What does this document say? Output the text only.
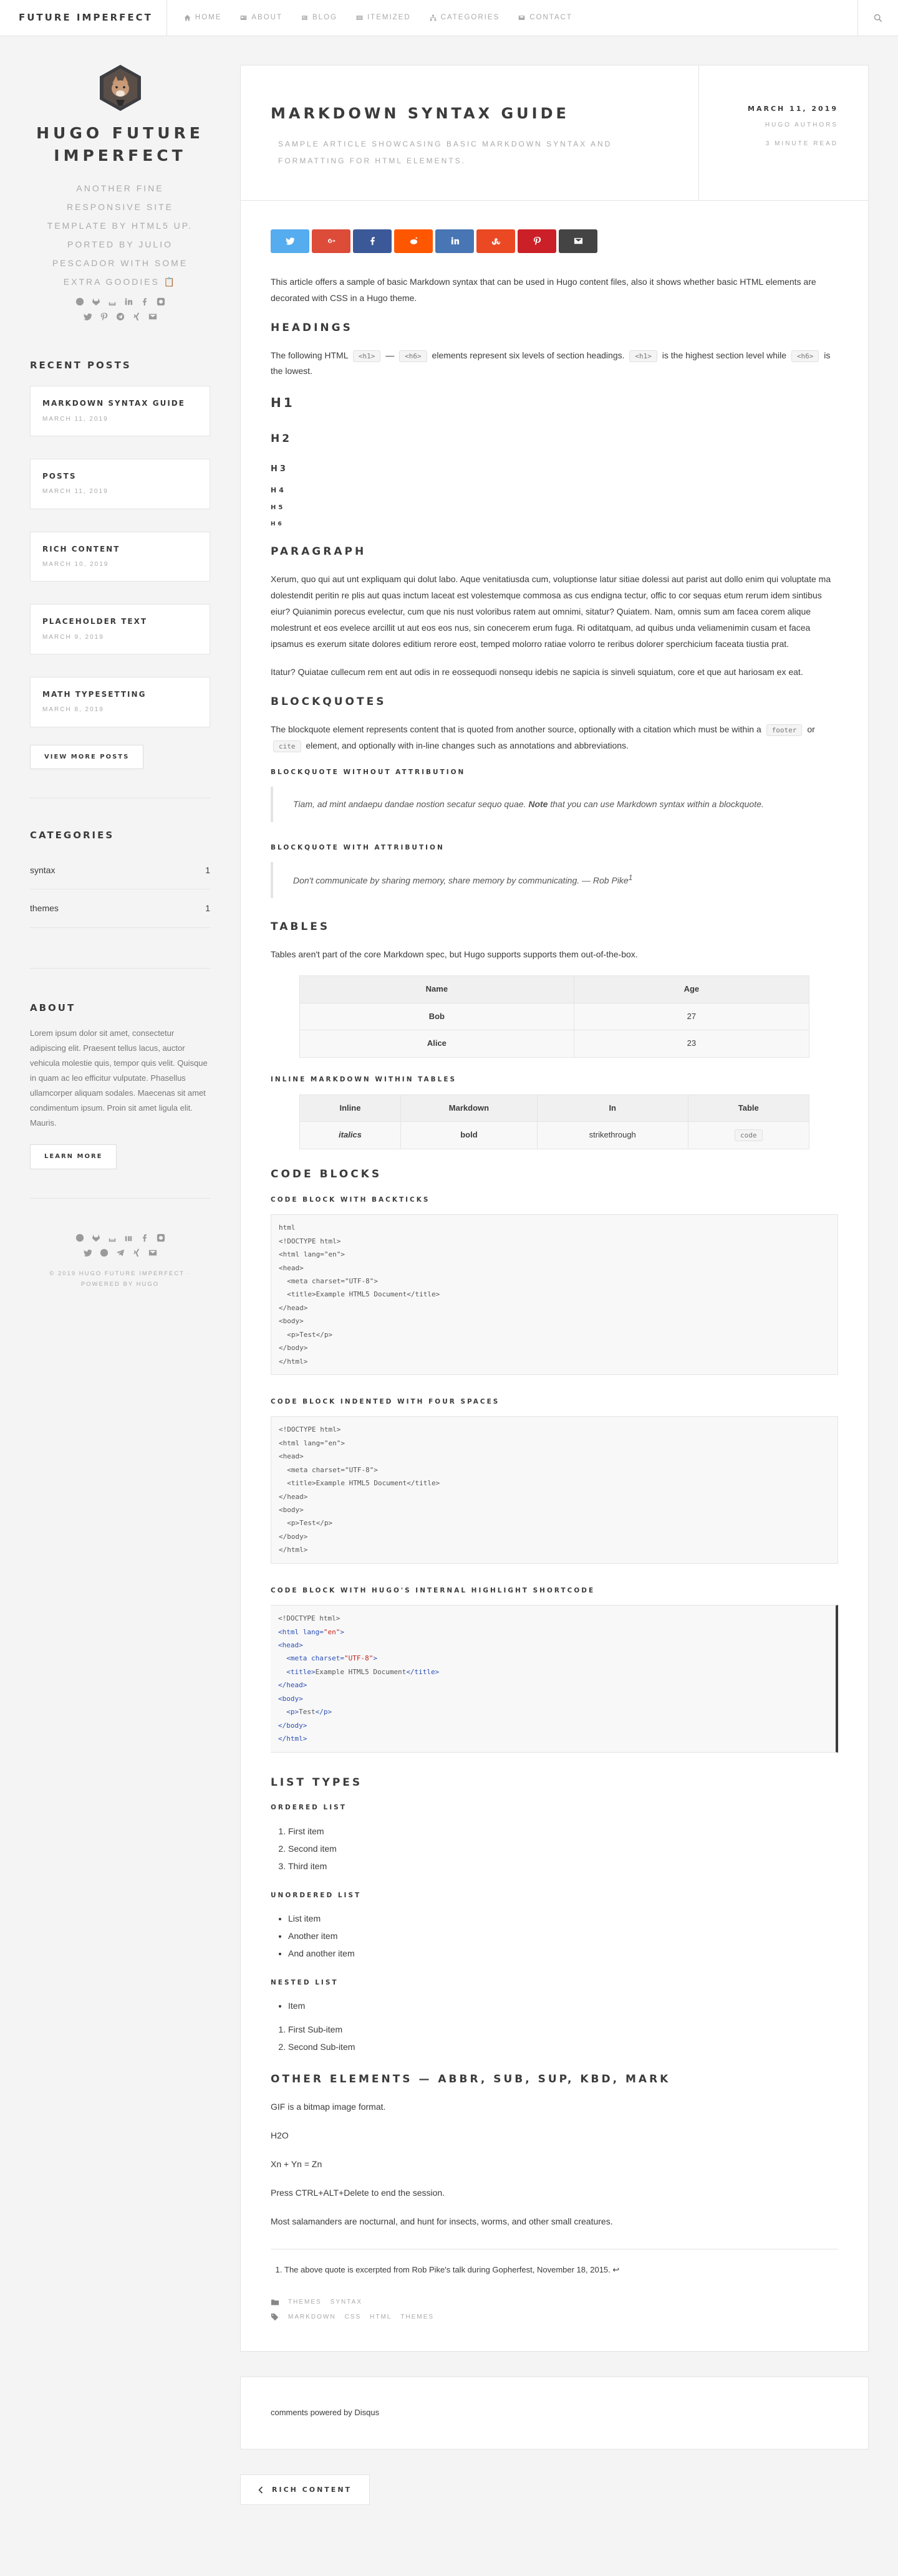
FUTURE IMPERFECT	HOME	ABOUT	BLOG	ITEMIZED	CATEGORIES	CONTACT
HUGO FUTURE IMPERFECT
ANOTHER FINE RESPONSIVE SITE TEMPLATE BY HTML5 UP. PORTED BY JULIO PESCADOR WITH SOME EXTRA GOODIES 📋
RECENT POSTS
MARKDOWN SYNTAX GUIDE
MARCH 11, 2019
POSTS
MARCH 11, 2019
RICH CONTENT
MARCH 10, 2019
PLACEHOLDER TEXT
MARCH 9, 2019
MATH TYPESETTING
MARCH 8, 2019
VIEW MORE POSTS
CATEGORIES
syntax	1
themes	1
ABOUT
Lorem ipsum dolor sit amet, consectetur adipiscing elit. Praesent tellus lacus, auctor vehicula molestie quis, tempor quis velit. Quisque in quam ac leo efficitur vulputate. Phasellus ullamcorper aliquam sodales. Maecenas sit amet condimentum ipsum. Proin sit amet ligula elit. Mauris.
LEARN MORE
© 2019 HUGO FUTURE IMPERFECT · POWERED BY HUGO
MARKDOWN SYNTAX GUIDE
SAMPLE ARTICLE SHOWCASING BASIC MARKDOWN SYNTAX AND FORMATTING FOR HTML ELEMENTS.
MARCH 11, 2019
HUGO AUTHORS
3 MINUTE READ

This article offers a sample of basic Markdown syntax that can be used in Hugo content files, also it shows whether basic HTML elements are decorated with CSS in a Hugo theme.

HEADINGS

The following HTML <h1> — <h6> elements represent six levels of section headings. <h1> is the highest section level while <h6> is the lowest.

H1
H2
H3
H4
H5
H6
PARAGRAPH

Xerum, quo qui aut unt expliquam qui dolut labo. Aque venitatiusda cum, voluptionse latur sitiae dolessi aut parist aut dollo enim qui voluptate ma dolestendit peritin re plis aut quas inctum laceat est volestemque commosa as cus endigna tectur, offic to cor sequas etum rerum idem sintibus eiur? Quianimin porecus evelectur, cum que nis nust voloribus ratem aut omnimi, sitatur? Quiatem. Nam, omnis sum am facea corem alique molestrunt et eos evelece arcillit ut aut eos eos nus, sin conecerem erum fuga. Ri oditatquam, ad quibus unda veliamenimin cusam et facea ipsamus es exerum sitate dolores editium rerore eost, temped molorro ratiae volorro te reribus dolorer sperchicium faceata tiustia prat.

Itatur? Quiatae cullecum rem ent aut odis in re eossequodi nonsequ idebis ne sapicia is sinveli squiatum, core et que aut hariosam ex eat.

BLOCKQUOTES

The blockquote element represents content that is quoted from another source, optionally with a citation which must be within a footer or cite element, and optionally with in-line changes such as annotations and abbreviations.

BLOCKQUOTE WITHOUT ATTRIBUTION
Tiam, ad mint andaepu dandae nostion secatur sequo quae. Note that you can use Markdown syntax within a blockquote.
BLOCKQUOTE WITH ATTRIBUTION
Don't communicate by sharing memory, share memory by communicating. — Rob Pike$^1$
TABLES

Tables aren't part of the core Markdown spec, but Hugo supports supports them out-of-the-box.

Name	Age
Bob	27
Alice	23
INLINE MARKDOWN WITHIN TABLES
Inline	Markdown	In	Table
italics	bold	strikethrough	code
CODE BLOCKS
CODE BLOCK WITH BACKTICKS
html
<!DOCTYPE html>
<html lang="en">
<head>
<meta charset="UTF-8">
<title>Example HTML5 Document</title>
</head>
<body>
<p>Test</p>
</body>
</html>
CODE BLOCK INDENTED WITH FOUR SPACES
<!DOCTYPE html>
<html lang="en">
<head>
<meta charset="UTF-8">
<title>Example HTML5 Document</title>
</head>
<body>
<p>Test</p>
</body>
</html>
CODE BLOCK WITH HUGO'S INTERNAL HIGHLIGHT SHORTCODE
<!DOCTYPE html>
<html lang="en">
<head>
<meta charset="UTF-8">
<title>Example HTML5 Document</title>
</head>
<body>
<p>Test</p>
</body>
</html>
LIST TYPES
ORDERED LIST
1. First item
2. Second item
3. Third item
UNORDERED LIST
• List item
• Another item
• And another item
NESTED LIST
• Item
1. First Sub-item
2. Second Sub-item
OTHER ELEMENTS — ABBR, SUB, SUP, KBD, MARK

GIF is a bitmap image format.

H2O

Xn + Yn = Zn

Press CTRL+ALT+Delete to end the session.

Most salamanders are nocturnal, and hunt for insects, worms, and other small creatures.

1. The above quote is excerpted from Rob Pike's talk during Gopherfest, November 18, 2015. ↩
THEMES SYNTAX
MARKDOWN CSS HTML THEMES
comments powered by Disqus
RICH CONTENT
